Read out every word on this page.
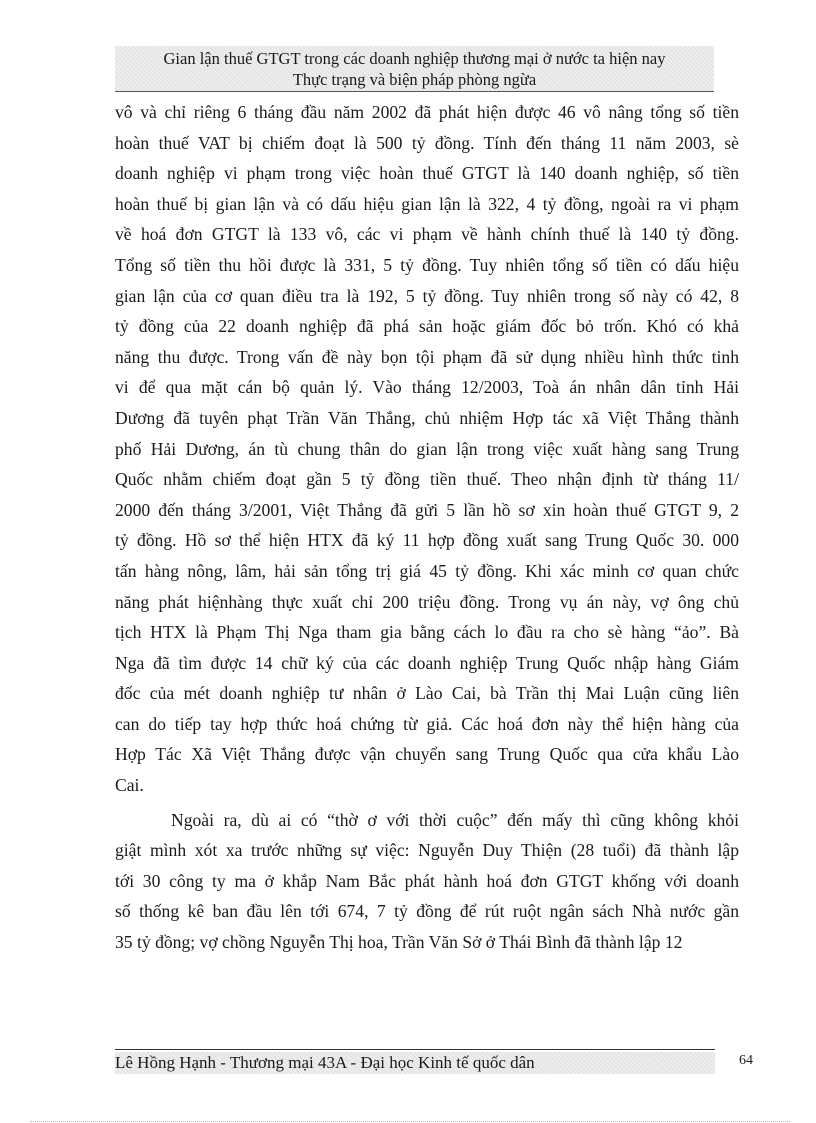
Gian lận thuế GTGT trong các doanh nghiệp thương mại ở nước ta hiện nay
Thực trạng và biện pháp phòng ngừa

vô và chỉ riêng 6 tháng đầu năm 2002 đã phát hiện được 46 vô nâng tổng số tiền
hoàn thuế VAT bị chiếm đoạt là 500 tỷ đồng. Tính đến tháng 11 năm 2003, sè
doanh nghiệp vi phạm trong việc hoàn thuế GTGT là 140 doanh nghiệp, số tiền
hoàn thuế bị gian lận và có dấu hiệu gian lận là 322, 4 tỷ đồng, ngoài ra vi phạm
về hoá đơn GTGT là 133 vô, các vi phạm về hành chính thuế là 140 tỷ đồng.
Tổng số tiền thu hồi được là 331, 5 tỷ đồng. Tuy nhiên tổng số tiền có dấu hiệu
gian lận của cơ quan điều tra là 192, 5 tỷ đồng. Tuy nhiên trong số này có 42, 8
tỷ đồng của 22 doanh nghiệp đã phá sản hoặc giám đốc bỏ trốn. Khó có khả
năng thu được. Trong vấn đề này bọn tội phạm đã sử dụng nhiều hình thức tinh
vi để qua mặt cán bộ quản lý. Vào tháng 12/2003, Toà án nhân dân tỉnh Hải
Dương đã tuyên phạt Trần Văn Thắng, chủ nhiệm Hợp tác xã Việt Thắng thành
phố Hải Dương, án tù chung thân do gian lận trong việc xuất hàng sang Trung
Quốc nhằm chiếm đoạt gần 5 tỷ đồng tiền thuế. Theo nhận định từ tháng 11/
2000 đến tháng 3/2001, Việt Thắng đã gửi 5 lần hồ sơ xin hoàn thuế GTGT 9, 2
tỷ đồng. Hồ sơ thể hiện HTX đã ký 11 hợp đồng xuất sang Trung Quốc 30. 000
tấn hàng nông, lâm, hải sản tổng trị giá 45 tỷ đồng. Khi xác minh cơ quan chức
năng phát hiệnhàng thực xuất chỉ 200 triệu đồng. Trong vụ án này, vợ ông chủ
tịch HTX là Phạm Thị Nga tham gia bằng cách lo đầu ra cho sè hàng “ảo”. Bà
Nga đã tìm được 14 chữ ký của các doanh nghiệp Trung Quốc nhập hàng Giám
đốc của mét doanh nghiệp tư nhân ở Lào Cai, bà Trần thị Mai Luận cũng liên
can do tiếp tay hợp thức hoá chứng từ giả. Các hoá đơn này thể hiện hàng của
Hợp Tác Xã Việt Thắng được vận chuyển sang Trung Quốc qua cửa khẩu Lào
Cai.

Ngoài ra, dù ai có “thờ ơ với thời cuộc” đến mấy thì cũng không khỏi
giật mình xót xa trước những sự việc: Nguyễn Duy Thiện (28 tuổi) đã thành lập
tới 30 công ty ma ở khắp Nam Bắc phát hành hoá đơn GTGT khống với doanh
số thống kê ban đầu lên tới 674, 7 tỷ đồng để rút ruột ngân sách Nhà nước gần
35 tỷ đồng; vợ chồng Nguyễn Thị hoa, Trần Văn Sở ở Thái Bình đã thành lập 12

Lê Hồng Hạnh - Thương mại 43A - Đại học Kinh tế quốc dân	64
